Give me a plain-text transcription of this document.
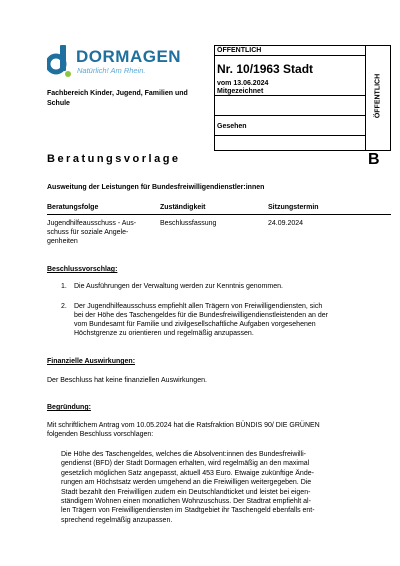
DORMAGEN
Natürlich! Am Rhein.
Fachbereich Kinder, Jugend, Familien und Schule
ÖFFENTLICH
Nr. 10/1963 Stadt
vom 13.06.2024
Mitgezeichnet
Gesehen
ÖFFENTLICH
Beratungsvorlage	B
Ausweitung der Leistungen für Bundesfreiwilligendienstler:innen
Beratungsfolge	Zuständigkeit	Sitzungstermin
Jugendhilfeausschuss - Aus-
schuss für soziale Angele-
genheiten
Beschlussfassung	24.09.2024
Beschlussvorschlag:
1. Die Ausführungen der Verwaltung werden zur Kenntnis genommen.
2. Der Jugendhilfeausschuss empfiehlt allen Trägern von Freiwilligendiensten, sich
bei der Höhe des Taschengeldes für die Bundesfreiwilligendienstleistenden an der
vom Bundesamt für Familie und zivilgesellschaftliche Aufgaben vorgesehenen
Höchstgrenze zu orientieren und regelmäßig anzupassen.
Finanzielle Auswirkungen:
Der Beschluss hat keine finanziellen Auswirkungen.
Begründung:
Mit schriftlichem Antrag vom 10.05.2024 hat die Ratsfraktion BÜNDIS 90/ DIE GRÜNEN
folgenden Beschluss vorschlagen:
Die Höhe des Taschengeldes, welches die Absolvent:innen des Bundesfreiwilli-
gendienst (BFD) der Stadt Dormagen erhalten, wird regelmäßig an den maximal
gesetzlich möglichen Satz angepasst, aktuell 453 Euro. Etwaige zukünftige Ände-
rungen am Höchstsatz werden umgehend an die Freiwilligen weitergegeben. Die
Stadt bezahlt den Freiwilligen zudem ein Deutschlandticket und leistet bei eigen-
ständigem Wohnen einen monatlichen Wohnzuschuss. Der Stadtrat empfiehlt al-
len Trägern von Freiwilligendiensten im Stadtgebiet ihr Taschengeld ebenfalls ent-
sprechend regelmäßig anzupassen.
